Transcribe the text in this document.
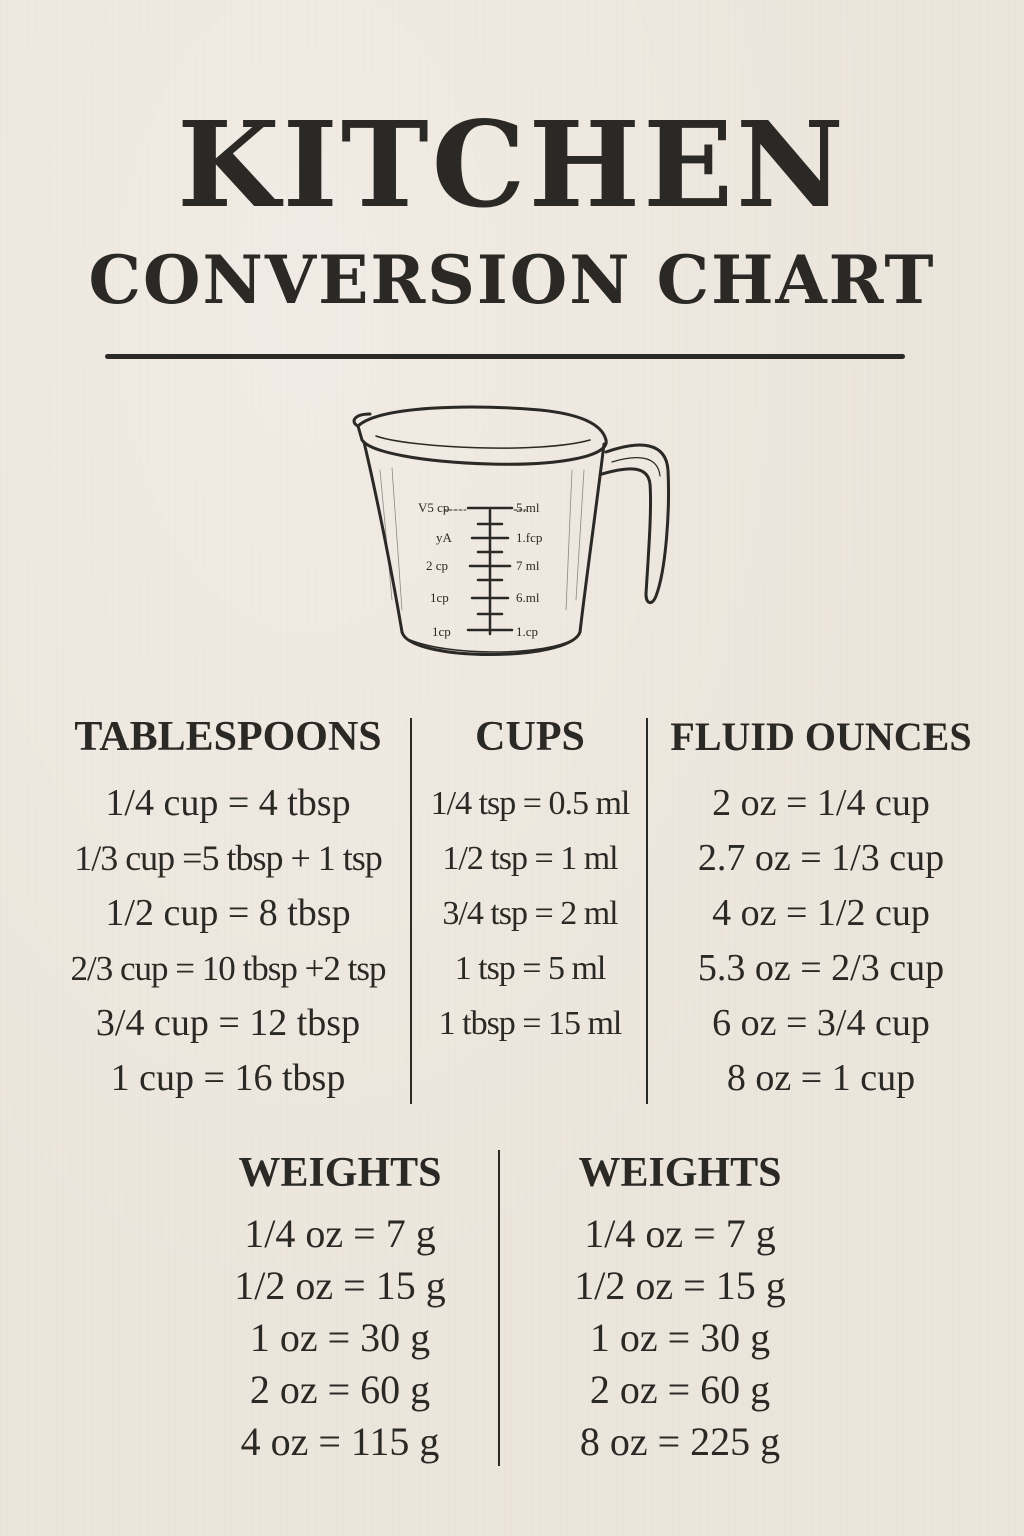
KITCHEN
CONVERSION CHART
V5 cp
yA
2 cp
1cp
1cp
5.ml
1.fcp
7 ml
6.ml
1.cp
TABLESPOONS
1/4 cup = 4 tbsp
1/3 cup =5 tbsp + 1 tsp
1/2 cup = 8 tbsp
2/3 cup = 10 tbsp +2 tsp
3/4 cup = 12 tbsp
1 cup = 16 tbsp
CUPS
1/4 tsp = 0.5 ml
1/2 tsp = 1 ml
3/4 tsp = 2 ml
1 tsp = 5 ml
1 tbsp = 15 ml
FLUID OUNCES
2 oz = 1/4 cup
2.7 oz = 1/3 cup
4 oz = 1/2 cup
5.3 oz = 2/3 cup
6 oz = 3/4 cup
8 oz = 1 cup
WEIGHTS
1/4 oz = 7 g
1/2 oz = 15 g
1 oz = 30 g
2 oz = 60 g
4 oz = 115 g
WEIGHTS
1/4 oz = 7 g
1/2 oz = 15 g
1 oz = 30 g
2 oz = 60 g
8 oz = 225 g
